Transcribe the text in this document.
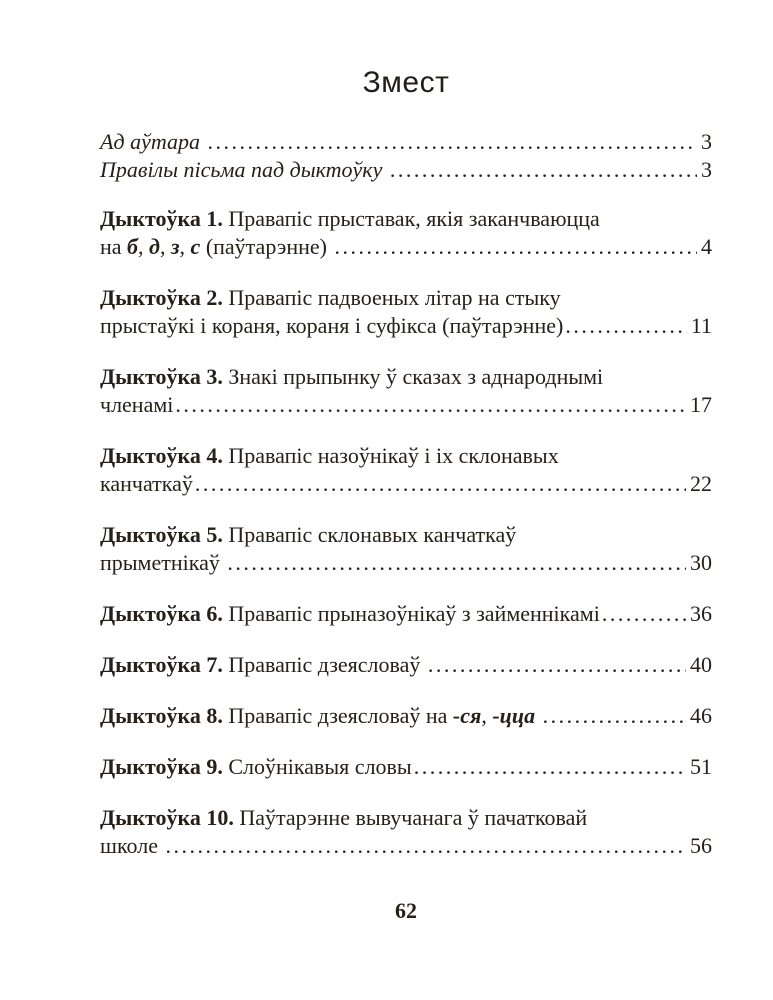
Змест
Ад аўтара .....	3
Правілы пісьма пад дыктоўку .....	3
Дыктоўка 1. Правапіс прыставак, якія заканчваюцца
на б , д , з , с (паўтарэнне) .....	4
Дыктоўка 2. Правапіс падвоеных літар на стыку
прыстаўкі і кораня, кораня і суфікса (паўтарэнне) .....	11
Дыктоўка 3. Знакі прыпынку ў сказах з аднароднымі
членамі .....	17
Дыктоўка 4. Правапіс назоўнікаў і іх склонавых
канчаткаў .....	22
Дыктоўка 5. Правапіс склонавых канчаткаў
прыметнікаў .....	30
Дыктоўка 6. Правапіс прыназоўнікаў з займеннікамі .....	36
Дыктоўка 7. Правапіс дзеясловаў .....	40
Дыктоўка 8. Правапіс дзеясловаў на -ся , -цца
.....	46
Дыктоўка 9. Слоўнікавыя словы .....	51
Дыктоўка 10. Паўтарэнне вывучанага ў пачатковай
школе .....	56
62
